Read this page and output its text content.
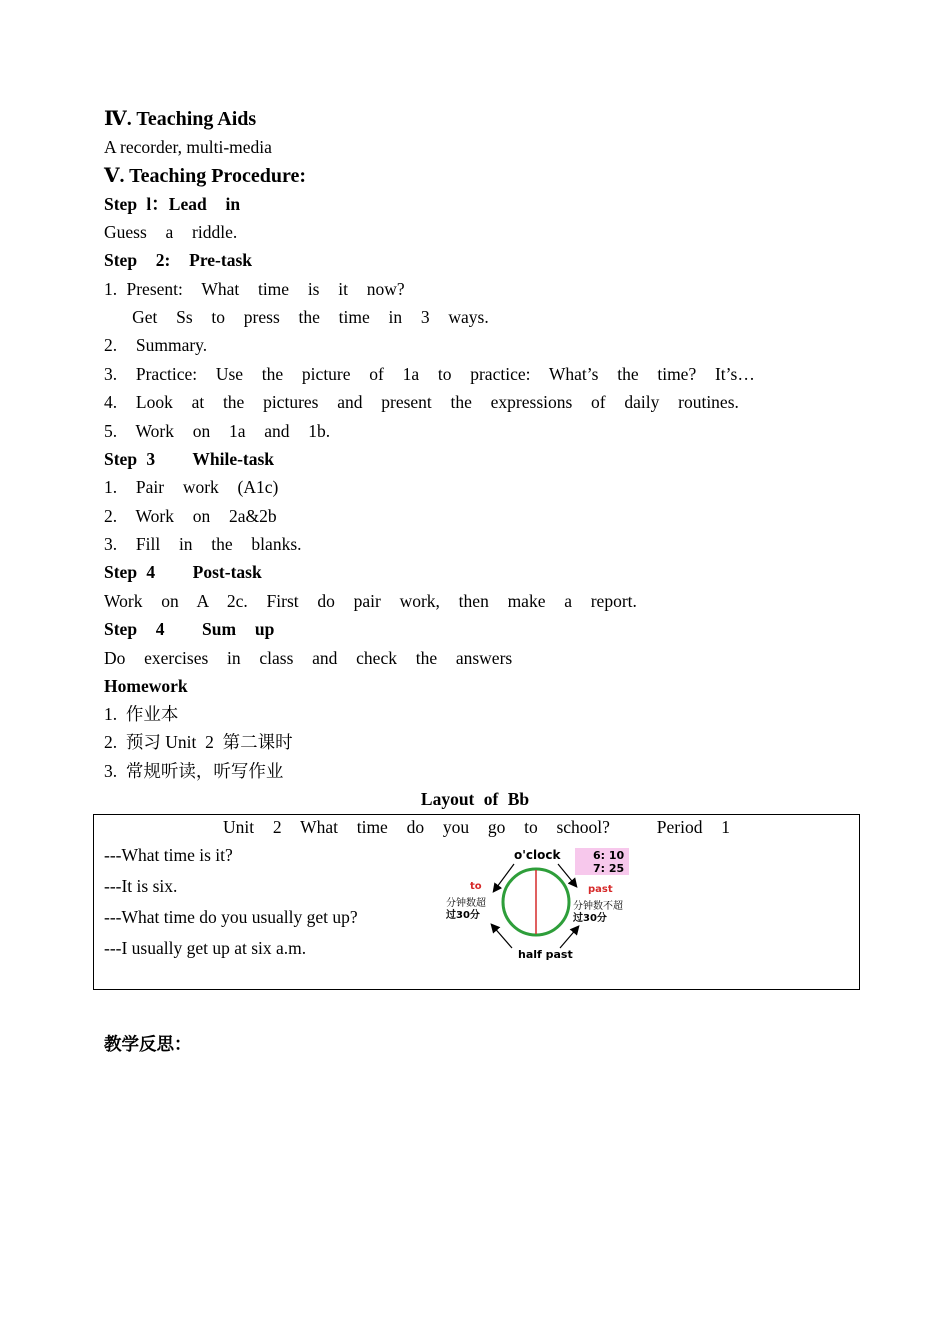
Ⅳ. Teaching Aids
A recorder, multi-media
Ⅴ. Teaching Procedure:
Step l：Lead  in
Guess  a  riddle.
Step  2:  Pre-task
1. Present:  What  time  is  it  now?
Get  Ss  to  press  the  time  in  3  ways.
2.  Summary.
3.  Practice:  Use  the  picture  of  1a  to  practice:  What’s  the  time?  It’s…
4.  Look  at  the  pictures  and  present  the  expressions  of  daily  routines.
5.  Work  on  1a  and  1b.
Step 3    While-task
1.  Pair  work  (A1c)
2.  Work  on  2a&2b
3.  Fill  in  the  blanks.
Step 4    Post-task
Work  on  A  2c.  First  do  pair  work,  then  make  a  report.
Step  4    Sum  up
Do  exercises  in  class  and  check  the  answers
Homework
1.  作业本
2.  预习 Unit  2  第二课时
3.  常规听读，听写作业
Layout of Bb
Unit  2  What  time  do  you  go  to  school?     Period  1
---What time is it?
---It is six.
---What time do you usually get up?
---I usually get up at six a.m.
o'clock
to	past
half past
分钟数超
过30分
分钟数不超
过30分
6: 10
7: 25
教学反思：
